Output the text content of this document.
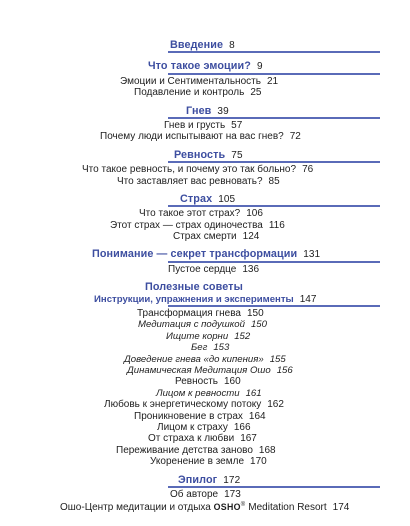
Введение 8
Что такое эмоции? 9
Эмоции и Сентиментальность 21
Подавление и контроль 25
Гнев 39
Гнев и грусть 57
Почему люди испытывают на вас гнев? 72
Ревность 75
Что такое ревность, и почему это так больно? 76
Что заставляет вас ревновать? 85
Страх 105
Что такое этот страх? 106
Этот страх — страх одиночества 116
Страх смерти 124
Понимание — секрет трансформации 131
Пустое сердце 136
Полезные советы
Инструкции, упражнения и эксперименты 147
Трансформация гнева 150
Медитация с подушкой 150
Ищите корни 152
Бег 153
Доведение гнева «до кипения» 155
Динамическая Медитация Ошо 156
Ревность 160
Лицом к ревности 161
Любовь к энергетическому потоку 162
Проникновение в страх 164
Лицом к страху 166
От страха к любви 167
Переживание детства заново 168
Укоренение в земле 170
Эпилог 172
Об авторе 173
Ошо-Центр медитации и отдыха OSHO® Meditation Resort 174
